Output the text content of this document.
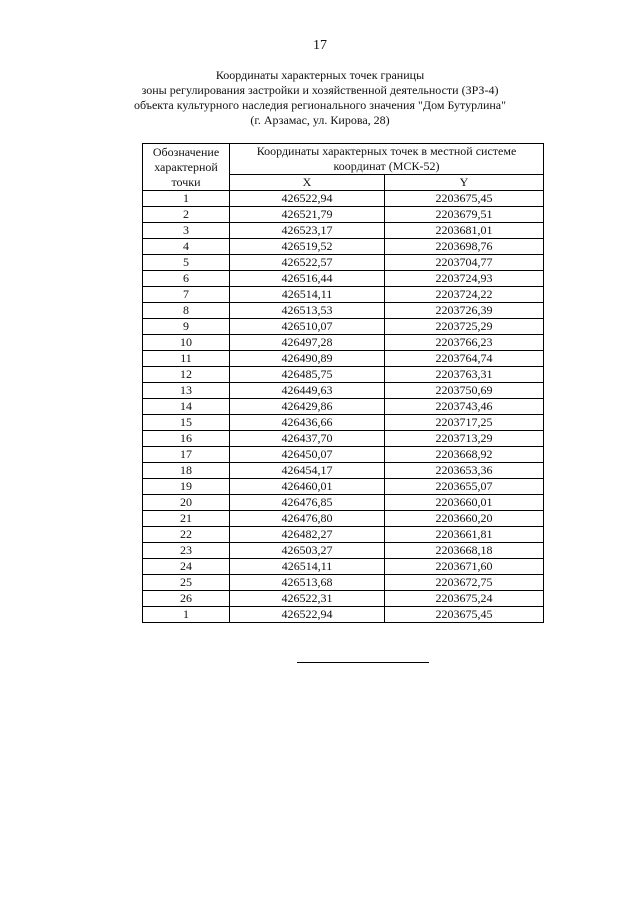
17
Координаты характерных точек границы
зоны регулирования застройки и хозяйственной деятельности (ЗРЗ-4)
объекта культурного наследия регионального значения "Дом Бутурлина"
(г. Арзамас, ул. Кирова, 28)
Обозначение характерной точки	Координаты характерных точек в местной системе координат (МСК-52)	
	X	Y
1	426522,94	2203675,45
2	426521,79	2203679,51
3	426523,17	2203681,01
4	426519,52	2203698,76
5	426522,57	2203704,77
6	426516,44	2203724,93
7	426514,11	2203724,22
8	426513,53	2203726,39
9	426510,07	2203725,29
10	426497,28	2203766,23
11	426490,89	2203764,74
12	426485,75	2203763,31
13	426449,63	2203750,69
14	426429,86	2203743,46
15	426436,66	2203717,25
16	426437,70	2203713,29
17	426450,07	2203668,92
18	426454,17	2203653,36
19	426460,01	2203655,07
20	426476,85	2203660,01
21	426476,80	2203660,20
22	426482,27	2203661,81
23	426503,27	2203668,18
24	426514,11	2203671,60
25	426513,68	2203672,75
26	426522,31	2203675,24
1	426522,94	2203675,45
